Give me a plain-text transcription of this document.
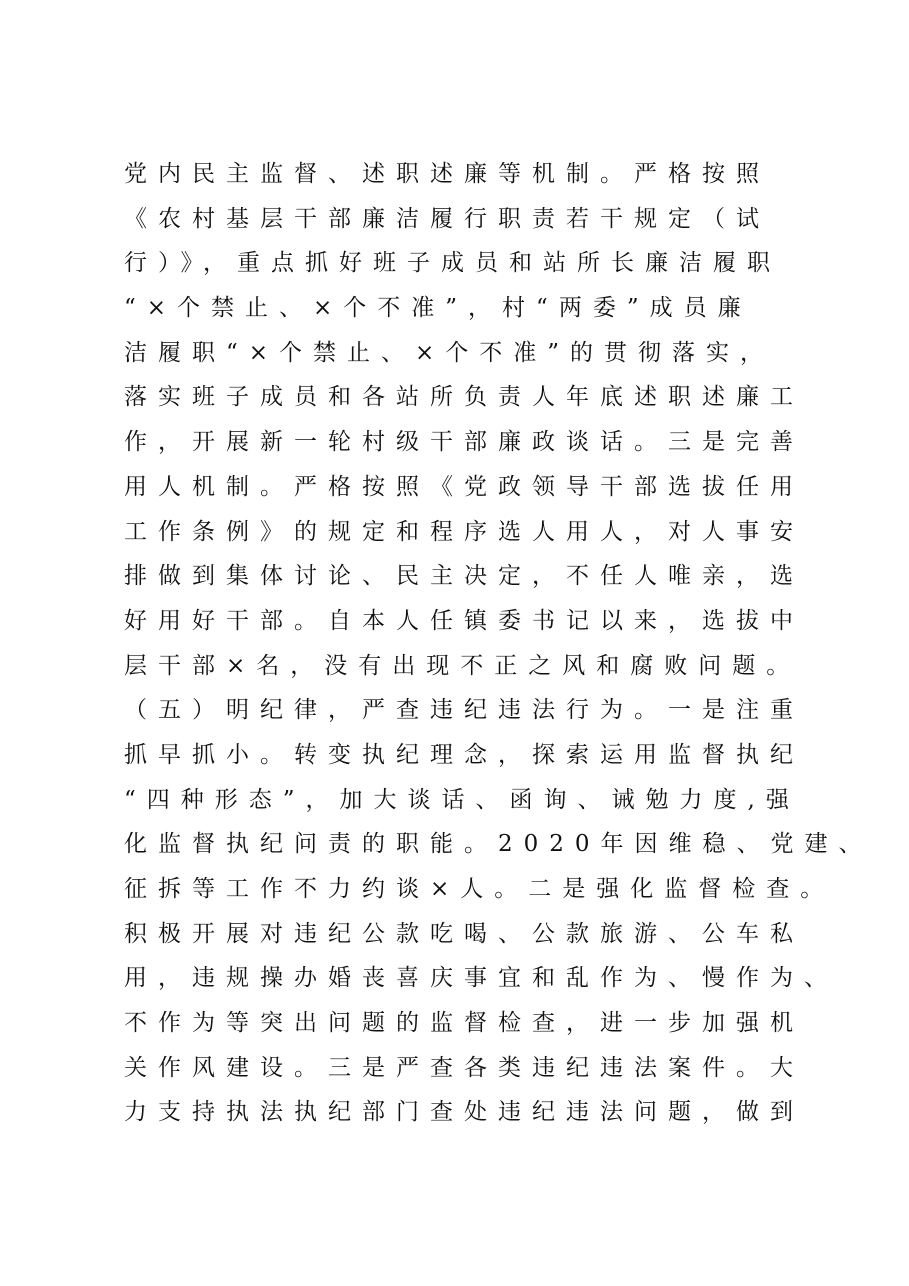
党内民主监督、述职述廉等机制。严格按照
《农村基层干部廉洁履行职责若干规定（试
行）》，重点抓好班子成员和站所长廉洁履职
“×个禁止、×个不准”，村“两委”成员廉
洁履职“×个禁止、×个不准”的贯彻落实，
落实班子成员和各站所负责人年底述职述廉工
作，开展新一轮村级干部廉政谈话。三是完善
用人机制。严格按照《党政领导干部选拔任用
工作条例》的规定和程序选人用人，对人事安
排做到集体讨论、民主决定，不任人唯亲，选
好用好干部。自本人任镇委书记以来，选拔中
层干部×名，没有出现不正之风和腐败问题。
（五）明纪律，严查违纪违法行为。一是注重
抓早抓小。转变执纪理念，探索运用监督执纪
“四种形态”，加大谈话、函询、诫勉力度,强
化监督执纪问责的职能。2020年因维稳、党建、
征拆等工作不力约谈×人。二是强化监督检查。
积极开展对违纪公款吃喝、公款旅游、公车私
用，违规操办婚丧喜庆事宜和乱作为、慢作为、
不作为等突出问题的监督检查，进一步加强机
关作风建设。三是严查各类违纪违法案件。大
力支持执法执纪部门查处违纪违法问题，做到
